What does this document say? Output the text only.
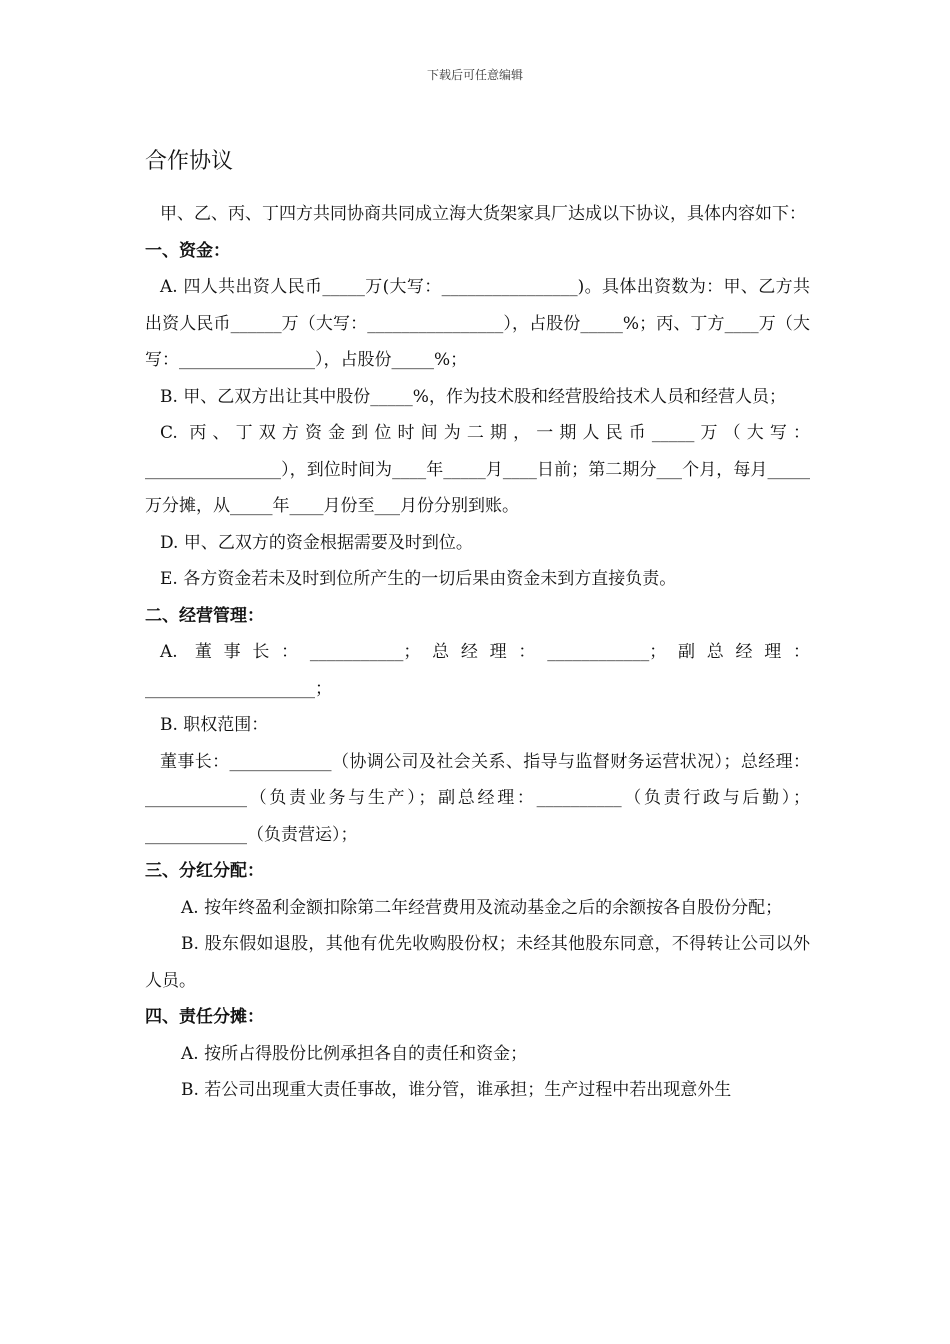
下载后可任意编辑
合作协议

甲、乙、丙、丁四方共同协商共同成立海大货架家具厂达成以下协议，具体内容如下：

一、资金：

A. 四人共出资人民币_____万(大写：________________)。具体出资数为：甲、乙方共出资人民币______万（大写：________________），占股份_____%；丙、丁方____万（大写：________________），占股份_____%；

B. 甲、乙双方出让其中股份_____%，作为技术股和经营股给技术人员和经营人员；

C. 丙、丁双方资金到位时间为二期，一期人民币_____万（大写：________________），到位时间为____年_____月____日前；第二期分___个月，每月_____万分摊，从_____年____月份至___月份分别到账。

D. 甲、乙双方的资金根据需要及时到位。

E. 各方资金若未及时到位所产生的一切后果由资金未到方直接负责。

二、经营管理：

A. 董事长：___________；总经理：____________；副总经理：____________________；

B. 职权范围：

董事长：____________（协调公司及社会关系、指导与监督财务运营状况）；总经理：____________（负责业务与生产）；副总经理：__________（负责行政与后勤）；____________（负责营运）；

三、分红分配：

A. 按年终盈利金额扣除第二年经营费用及流动基金之后的余额按各自股份分配；

B. 股东假如退股，其他有优先收购股份权；未经其他股东同意，不得转让公司以外人员。

四、责任分摊：

A. 按所占得股份比例承担各自的责任和资金；

B. 若公司出现重大责任事故，谁分管，谁承担；生产过程中若出现意外生
